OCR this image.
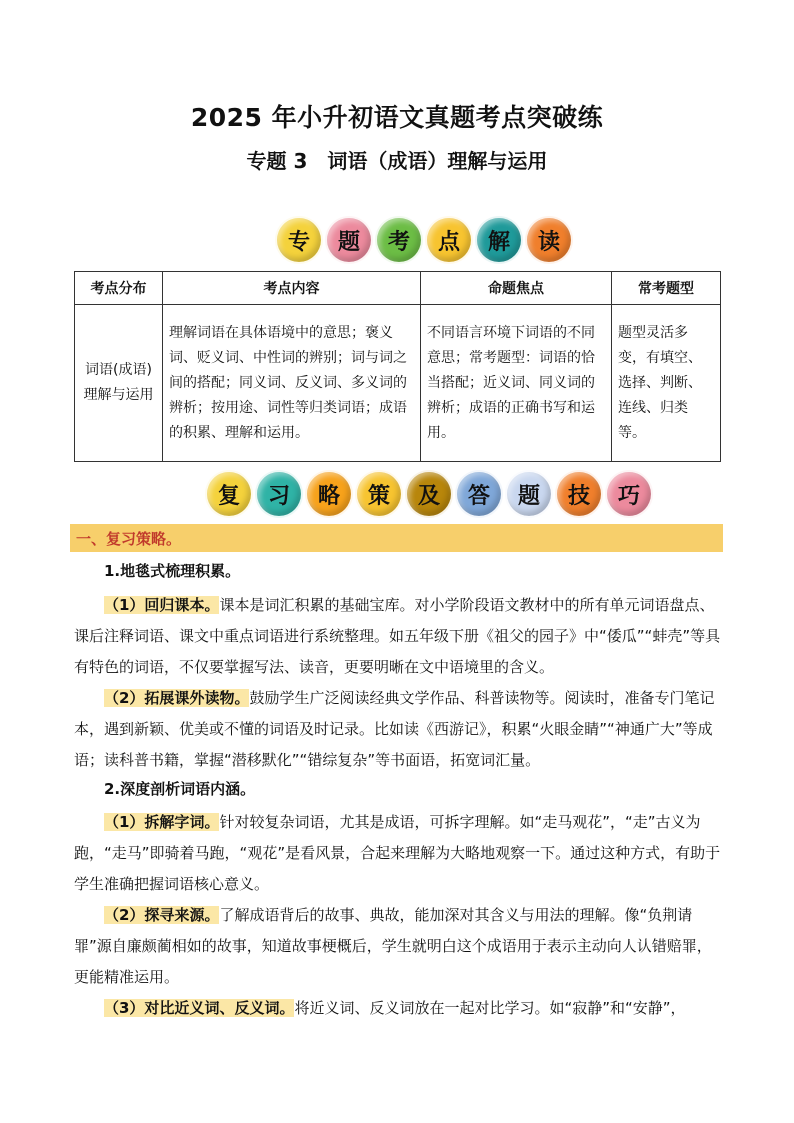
2025 年小升初语文真题考点突破练
专题 3　词语（成语）理解与运用
专	题	考	点	解	读
考点分布	考点内容	命题焦点	常考题型
词语(成语)理解与运用	理解词语在具体语境中的意思；褒义词、贬义词、中性词的辨别；词与词之间的搭配；同义词、反义词、多义词的辨析；按用途、词性等归类词语；成语的积累、理解和运用。	不同语言环境下词语的不同意思；常考题型：词语的恰当搭配；近义词、同义词的辨析；成语的正确书写和运用。	题型灵活多变，有填空、选择、判断、连线、归类等。
复	习	略	策	及	答	题	技	巧
一、复习策略。
1.地毯式梳理积累。
（1）回归课本。课本是词汇积累的基础宝库。对小学阶段语文教材中的所有单元词语盘点、课后注释词语、课文中重点词语进行系统整理。如五年级下册《祖父的园子》中“倭瓜”“蚌壳”等具有特色的词语，不仅要掌握写法、读音，更要明晰在文中语境里的含义。
（2）拓展课外读物。鼓励学生广泛阅读经典文学作品、科普读物等。阅读时，准备专门笔记本，遇到新颖、优美或不懂的词语及时记录。比如读《西游记》，积累“火眼金睛”“神通广大”等成语；读科普书籍，掌握“潜移默化”“错综复杂”等书面语，拓宽词汇量。
2.深度剖析词语内涵。
（1）拆解字词。针对较复杂词语，尤其是成语，可拆字理解。如“走马观花”，“走”古义为跑，“走马”即骑着马跑，“观花”是看风景，合起来理解为大略地观察一下。通过这种方式，有助于学生准确把握词语核心意义。
（2）探寻来源。了解成语背后的故事、典故，能加深对其含义与用法的理解。像“负荆请罪”源自廉颇蔺相如的故事，知道故事梗概后，学生就明白这个成语用于表示主动向人认错赔罪，更能精准运用。
（3）对比近义词、反义词。将近义词、反义词放在一起对比学习。如“寂静”和“安静”，
